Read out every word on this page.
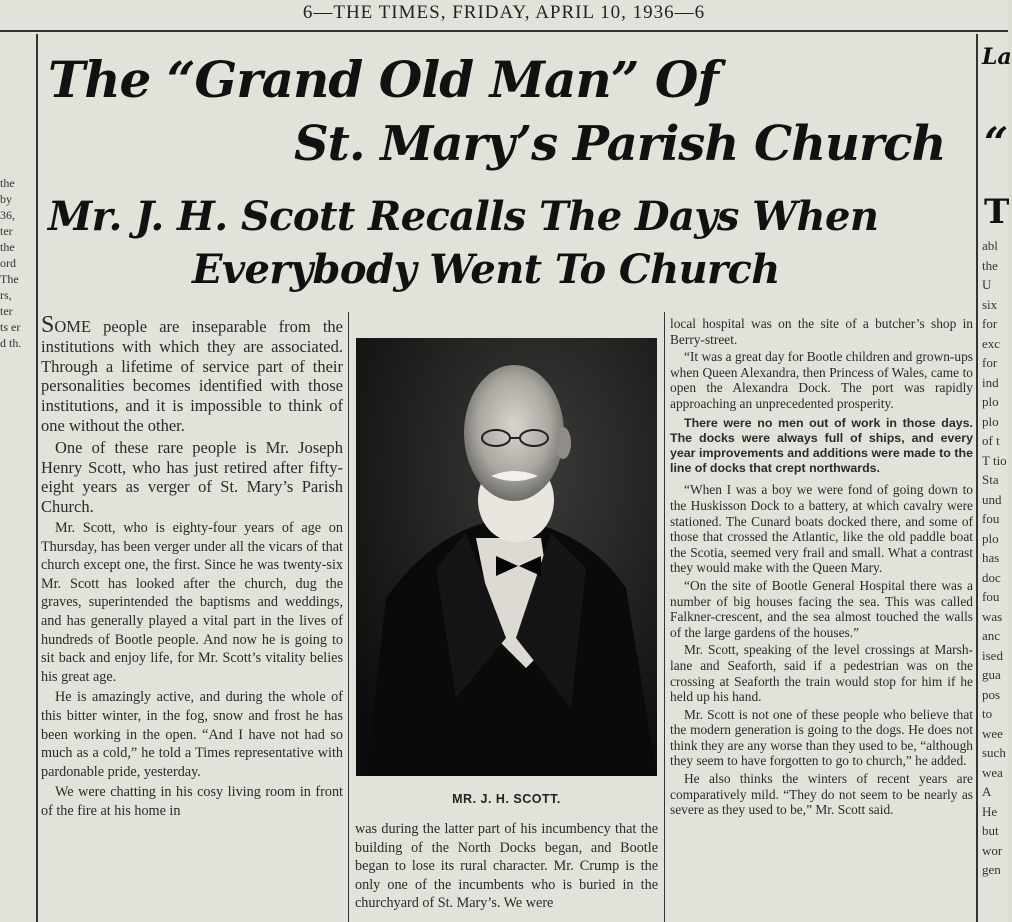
6—THE TIMES, FRIDAY, APRIL 10, 1936—6
the by 36, ter the ord The rs, ter ts er d th.
The “Grand Old Man” Of
St. Mary’s Parish Church
Mr. J. H. Scott Recalls The Days When
Everybody Went To Church

SOME people are inseparable from the institutions with which they are associated. Through a lifetime of service part of their personalities becomes identified with those institutions, and it is impossible to think of one without the other.

One of these rare people is Mr. Joseph Henry Scott, who has just retired after fifty-eight years as verger of St. Mary’s Parish Church.

Mr. Scott, who is eighty-four years of age on Thursday, has been verger under all the vicars of that church except one, the first. Since he was twenty-six Mr. Scott has looked after the church, dug the graves, superintended the baptisms and weddings, and has generally played a vital part in the lives of hundreds of Bootle people. And now he is going to sit back and enjoy life, for Mr. Scott’s vitality belies his great age.

He is amazingly active, and during the whole of this bitter winter, in the fog, snow and frost he has been working in the open. “And I have not had so much as a cold,” he told a Times representative with pardonable pride, yesterday.

We were chatting in his cosy living room in front of the fire at his home in

MR. J. H. SCOTT.

was during the latter part of his incumbency that the building of the North Docks began, and Bootle began to lose its rural character. Mr. Crump is the only one of the incumbents who is buried in the churchyard of St. Mary’s. We were

local hospital was on the site of a butcher’s shop in Berry-street.

“It was a great day for Bootle children and grown-ups when Queen Alexandra, then Princess of Wales, came to open the Alexandra Dock. The port was rapidly approaching an unprecedented prosperity.

There were no men out of work in those days. The docks were always full of ships, and every year improvements and additions were made to the line of docks that crept northwards.

“When I was a boy we were fond of going down to the Huskisson Dock to a battery, at which cavalry were stationed. The Cunard boats docked there, and some of those that crossed the Atlantic, like the old paddle boat the Scotia, seemed very frail and small. What a contrast they would make with the Queen Mary.

“On the site of Bootle General Hospital there was a number of big houses facing the sea. This was called Falkner-crescent, and the sea almost touched the walls of the large gardens of the houses.”

Mr. Scott, speaking of the level crossings at Marsh-lane and Seaforth, said if a pedestrian was on the crossing at Seaforth the train would stop for him if he held up his hand.

Mr. Scott is not one of these people who believe that the modern generation is going to the dogs. He does not think they are any worse than they used to be, “although they seem to have forgotten to go to church,” he added.

He also thinks the winters of recent years are comparatively mild. “They do not seem to be nearly as severe as they used to be,” Mr. Scott said.

La
“
T
abl the U six for exc for ind plo plo of t T tio Sta und fou plo has doc fou was anc ised gua pos to wee such wea A He but wor gen
